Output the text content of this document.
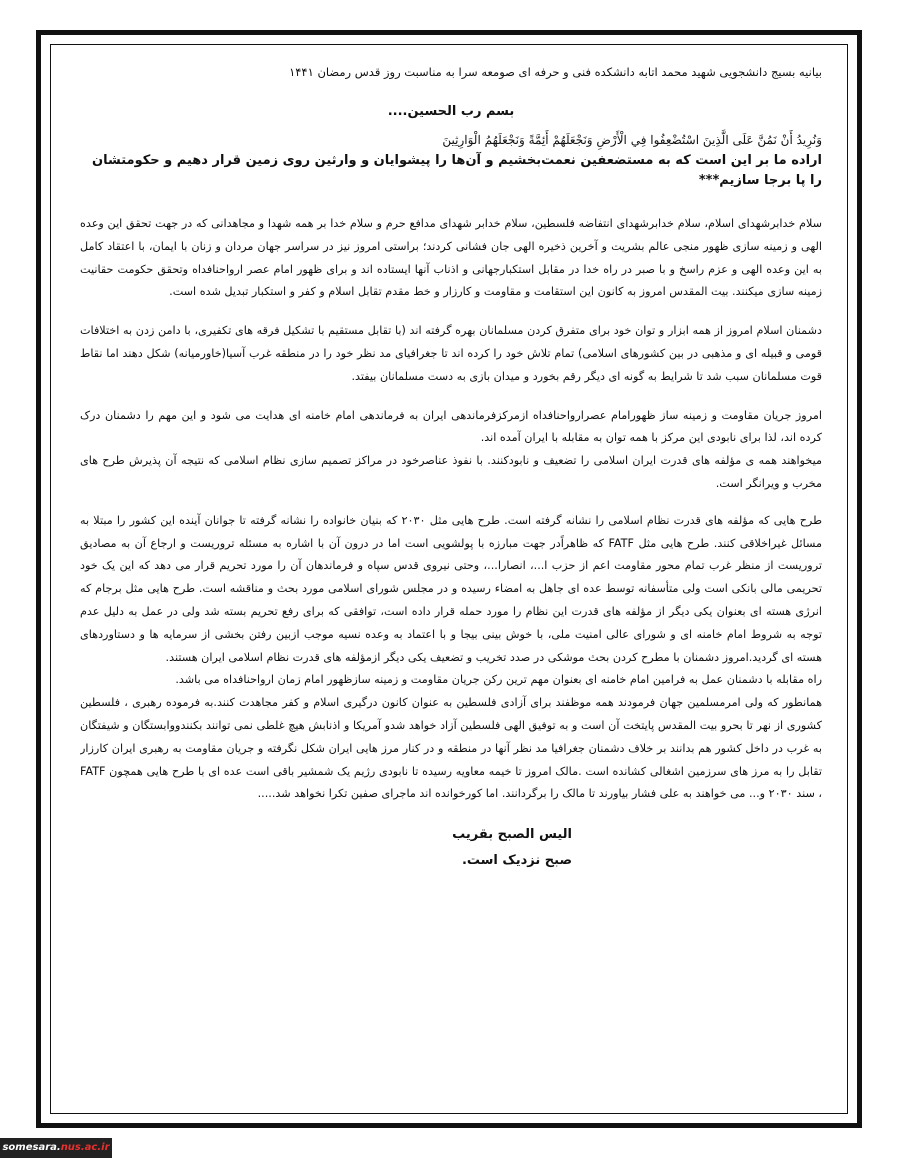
بیانیه بسیج دانشجویی شهید محمد اتابه دانشکده فنی و حرفه ای صومعه سرا به مناسبت روز قدس رمضان ۱۴۴۱

بسم رب الحسین....

وَنُرِيدُ أَنْ نَمُنَّ عَلَى الَّذِينَ اسْتُضْعِفُوا فِي الْأَرْضِ وَنَجْعَلَهُمْ أَئِمَّةً وَنَجْعَلَهُمُ الْوَارِثِينَ

اراده ما بر این است که به مستضعفین نعمت‌بخشیم و آن‌ها را پیشوایان و وارثین روی زمین قرار دهیم و حکومتشان را پا برجا سازیم***

سلام خدابرشهدای اسلام، سلام خدابرشهدای انتفاضه فلسطین، سلام خدابر شهدای مدافع حرم و سلام خدا بر همه شهدا و مجاهدانی که در جهت تحقق این وعده الهی و زمینه سازی ظهور منجی عالم بشریت و آخرین ذخیره الهی جان فشانی کردند؛ براستی امروز نیز در سراسر جهان مردان و زنان با ایمان، با اعتقاد کامل به این وعده الهی و عزم راسخ و با صبر در راه خدا در مقابل استکبارجهانی و اذناب آنها ایستاده اند و برای ظهور امام عصر ارواحنافداه وتحقق حکومت حقانیت زمینه سازی میکنند. بیت المقدس امروز به کانون این استقامت و مقاومت و کارزار و خط مقدم تقابل اسلام و کفر و استکبار تبدیل شده است.

دشمنان اسلام امروز از همه ابزار و توان خود برای متفرق کردن مسلمانان بهره گرفته اند (با تقابل مستقیم با تشکیل فرقه های تکفیری، با دامن زدن به اختلافات قومی و قبیله ای و مذهبی در بین کشورهای اسلامی) تمام تلاش خود را کرده اند تا جغرافیای مد نظر خود را در منطقه غرب آسیا(خاورمیانه) شکل دهند اما نقاط قوت مسلمانان سبب شد تا شرایط به گونه ای دیگر رقم بخورد و میدان بازی به دست مسلمانان بیفتد.

امروز جریان مقاومت و زمینه ساز ظهورامام عصرارواحنافداه ازمرکزفرماندهی ایران به فرماندهی امام خامنه ای هدایت می شود و این مهم را دشمنان درک کرده اند، لذا برای نابودی این مرکز با همه توان به مقابله با ایران آمده اند.

میخواهند همه ی مؤلفه های قدرت ایران اسلامی را تضعیف و نابودکنند. با نفوذ عناصرخود در مراکز تصمیم سازی نظام اسلامی که نتیجه آن پذیرش طرح های مخرب و ویرانگر است.

طرح هایی که مؤلفه های قدرت نظام اسلامی را نشانه گرفته است. طرح هایی مثل ۲۰۳۰ که بنیان خانواده را نشانه گرفته تا جوانان آینده این کشور را مبتلا به مسائل غیراخلاقی کنند. طرح هایی مثل FATF که ظاهراًدر جهت مبارزه با پولشویی است اما در درون آن با اشاره به مسئله تروریست و ارجاع آن به مصادیق تروریست از منظر غرب تمام محور مقاومت اعم از حزب ا...، انصارا...، وحتی نیروی قدس سپاه و فرماندهان آن را مورد تحریم قرار می دهد که این یک خود تحریمی مالی بانکی است ولی متأسفانه توسط عده ای جاهل به امضاء رسیده و در مجلس شورای اسلامی مورد بحث و مناقشه است. طرح هایی مثل برجام که انرژی هسته ای بعنوان یکی دیگر از مؤلفه های قدرت این نظام را مورد حمله قرار داده است، توافقی که برای رفع تحریم بسته شد ولی در عمل به دلیل عدم توجه به شروط امام خامنه ای و شورای عالی امنیت ملی، با خوش بینی بیجا و با اعتماد به وعده نسیه موجب ازبین رفتن بخشی از سرمایه ها و دستاوردهای هسته ای گردید.امروز دشمنان با مطرح کردن بحث موشکی در صدد تخریب و تضعیف یکی دیگر ازمؤلفه های قدرت نظام اسلامی ایران هستند.

راه مقابله با دشمنان عمل به فرامین امام خامنه ای بعنوان مهم ترین رکن جریان مقاومت و زمینه سازظهور امام زمان ارواحنافداه می باشد.

همانطور که ولی امرمسلمین جهان فرمودند همه موظفند برای آزادی فلسطین به عنوان کانون درگیری اسلام و کفر مجاهدت کنند.به فرموده رهبری ، فلسطین کشوری از نهر تا بحرو بیت المقدس پایتخت آن است و به توفیق الهی فلسطین آزاد خواهد شدو آمریکا و اذنابش هیچ غلطی نمی توانند بکنندووابستگان و شیفتگان به غرب در داخل کشور هم بدانند بر خلاف دشمنان جغرافیا مد نظر آنها در منطقه و در کنار مرز هایی ایران شکل نگرفته و جریان مقاومت به رهبری ایران کارزار تقابل را به مرز های سرزمین اشغالی کشانده است .مالک امروز تا خیمه معاویه رسیده تا نابودی رژیم یک شمشیر باقی است عده ای با طرح هایی همچون FATF ، سند ۲۰۳۰ و... می خواهند به علی فشار بیاورند تا مالک را برگردانند. اما کورخوانده اند ماجرای صفین تکرا نخواهد شد.....

الیس الصبح بقریب

صبح نزدیک است.

somesara.nus.ac.ir
